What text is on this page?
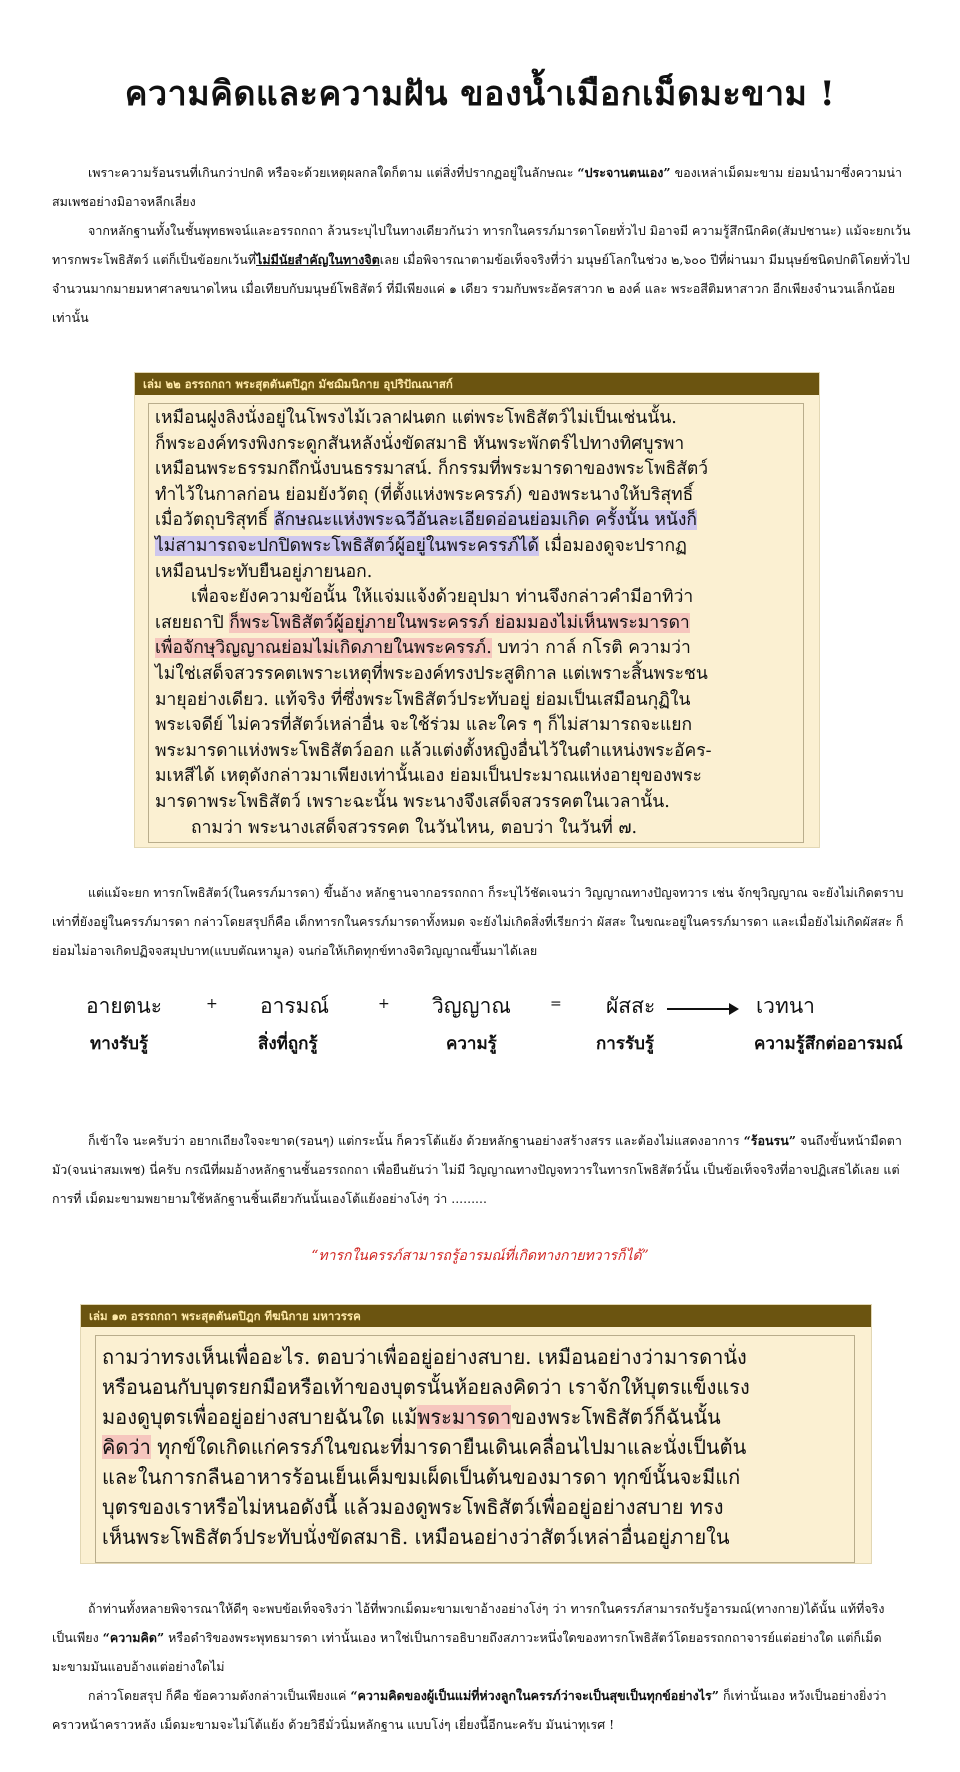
ความคิดและความฝัน ของน้ำเมือกเม็ดมะขาม !

เพราะความร้อนรนที่เกินกว่าปกติ หรือจะด้วยเหตุผลกลใดก็ตาม แต่สิ่งที่ปรากฏอยู่ในลักษณะ “ประจานตนเอง” ของเหล่าเม็ดมะขาม ย่อมนำมาซึ่งความน่าสมเพชอย่างมิอาจหลีกเลี่ยง

จากหลักฐานทั้งในชั้นพุทธพจน์และอรรถกถา ล้วนระบุไปในทางเดียวกันว่า ทารกในครรภ์มารดาโดยทั่วไป มิอาจมี ความรู้สึกนึกคิด(สัมปชานะ) แม้จะยกเว้น ทารกพระโพธิสัตว์ แต่ก็เป็นข้อยกเว้นที่ไม่มีนัยสำคัญในทางจิตเลย เมื่อพิจารณาตามข้อเท็จจริงที่ว่า มนุษย์โลกในช่วง ๒,๖๐๐ ปีที่ผ่านมา มีมนุษย์ชนิดปกติโดยทั่วไปจำนวนมากมายมหาศาลขนาดไหน เมื่อเทียบกับมนุษย์โพธิสัตว์ ที่มีเพียงแค่ ๑ เดียว รวมกับพระอัครสาวก ๒ องค์ และ พระอสีติมหาสาวก อีกเพียงจำนวนเล็กน้อยเท่านั้น

เล่ม ๒๒ อรรถกถา พระสุตตันตปิฎก มัชฌิมนิกาย อุปริปัณณาสก์

เหมือนฝูงลิงนั่งอยู่ในโพรงไม้เวลาฝนตก แต่พระโพธิสัตว์ไม่เป็นเช่นนั้น.

ก็พระองค์ทรงพิงกระดูกสันหลังนั่งขัดสมาธิ หันพระพักตร์ไปทางทิศบูรพา

เหมือนพระธรรมกถึกนั่งบนธรรมาสน์. ก็กรรมที่พระมารดาของพระโพธิสัตว์

ทำไว้ในกาลก่อน ย่อมยังวัตถุ (ที่ตั้งแห่งพระครรภ์) ของพระนางให้บริสุทธิ์

เมื่อวัตถุบริสุทธิ์ ลักษณะแห่งพระฉวีอันละเอียดอ่อนย่อมเกิด ครั้งนั้น หนังก็

ไม่สามารถจะปกปิดพระโพธิสัตว์ผู้อยู่ในพระครรภ์ได้ เมื่อมองดูจะปรากฏ

เหมือนประทับยืนอยู่ภายนอก.

เพื่อจะยังความข้อนั้น ให้แจ่มแจ้งด้วยอุปมา ท่านจึงกล่าวคำมีอาทิว่า

เสยยถาปิ ก็พระโพธิสัตว์ผู้อยู่ภายในพระครรภ์ ย่อมมองไม่เห็นพระมารดา

เพื่อจักษุวิญญาณย่อมไม่เกิดภายในพระครรภ์. บทว่า กาล์ กโรติ ความว่า

ไม่ใช่เสด็จสวรรคตเพราะเหตุที่พระองค์ทรงประสูติกาล แต่เพราะสิ้นพระชน

มายุอย่างเดียว. แท้จริง ที่ซึ่งพระโพธิสัตว์ประทับอยู่ ย่อมเป็นเสมือนกุฏิใน

พระเจดีย์ ไม่ควรที่สัตว์เหล่าอื่น จะใช้ร่วม และใคร ๆ ก็ไม่สามารถจะแยก

พระมารดาแห่งพระโพธิสัตว์ออก แล้วแต่งตั้งหญิงอื่นไว้ในตำแหน่งพระอัคร-

มเหสีได้ เหตุดังกล่าวมาเพียงเท่านั้นเอง ย่อมเป็นประมาณแห่งอายุของพระ

มารดาพระโพธิสัตว์ เพราะฉะนั้น พระนางจึงเสด็จสวรรคตในเวลานั้น.

ถามว่า พระนางเสด็จสวรรคต ในวันไหน, ตอบว่า ในวันที่ ๗.

แต่แม้จะยก ทารกโพธิสัตว์(ในครรภ์มารดา) ขึ้นอ้าง หลักฐานจากอรรถกถา ก็ระบุไว้ชัดเจนว่า วิญญาณทางปัญจทวาร เช่น จักขุวิญญาณ จะยังไม่เกิดตราบเท่าที่ยังอยู่ในครรภ์มารดา กล่าวโดยสรุปก็คือ เด็กทารกในครรภ์มารดาทั้งหมด จะยังไม่เกิดสิ่งที่เรียกว่า ผัสสะ ในขณะอยู่ในครรภ์มารดา และเมื่อยังไม่เกิดผัสสะ ก็ย่อมไม่อาจเกิดปฏิจจสมุปบาท(แบบตัณหามูล) จนก่อให้เกิดทุกข์ทางจิตวิญญาณขึ้นมาได้เลย

อายตนะ
ทางรับรู้
+ อารมณ์
สิ่งที่ถูกรู้
+ วิญญาณ
ความรู้
= ผัสสะ
การรับรู้
เวทนา
ความรู้สึกต่ออารมณ์

ก็เข้าใจ นะครับว่า อยากเถียงใจจะขาด(รอนๆ) แต่กระนั้น ก็ควรโต้แย้ง ด้วยหลักฐานอย่างสร้างสรร และต้องไม่แสดงอาการ “ร้อนรน” จนถึงขั้นหน้ามืดตามัว(จนน่าสมเพช) นี่ครับ กรณีที่ผมอ้างหลักฐานชั้นอรรถกถา เพื่อยืนยันว่า ไม่มี วิญญาณทางปัญจทวารในทารกโพธิสัตว์นั้น เป็นข้อเท็จจริงที่อาจปฏิเสธได้เลย แต่การที่ เม็ดมะขามพยายามใช้หลักฐานชิ้นเดียวกันนั้นเองโต้แย้งอย่างโง่ๆ ว่า .........

“ทารกในครรภ์สามารถรู้อารมณ์ที่เกิดทางกายทวารก็ได้”
เล่ม ๑๓ อรรถกถา พระสุตตันตปิฎก ทีฆนิกาย มหาวรรค

ถามว่าทรงเห็นเพื่ออะไร. ตอบว่าเพื่ออยู่อย่างสบาย. เหมือนอย่างว่ามารดานั่ง

หรือนอนกับบุตรยกมือหรือเท้าของบุตรนั้นห้อยลงคิดว่า เราจักให้บุตรแข็งแรง

มองดูบุตรเพื่ออยู่อย่างสบายฉันใด แม้พระมารดาของพระโพธิสัตว์ก็ฉันนั้น

คิดว่า ทุกข์ใดเกิดแก่ครรภ์ในขณะที่มารดายืนเดินเคลื่อนไปมาและนั่งเป็นต้น

และในการกลืนอาหารร้อนเย็นเค็มขมเผ็ดเป็นต้นของมารดา ทุกข์นั้นจะมีแก่

บุตรของเราหรือไม่หนอดังนี้ แล้วมองดูพระโพธิสัตว์เพื่ออยู่อย่างสบาย ทรง

เห็นพระโพธิสัตว์ประทับนั่งขัดสมาธิ. เหมือนอย่างว่าสัตว์เหล่าอื่นอยู่ภายใน

ถ้าท่านทั้งหลายพิจารณาให้ดีๆ จะพบข้อเท็จจริงว่า ไอ้ที่พวกเม็ดมะขามเขาอ้างอย่างโง่ๆ ว่า ทารกในครรภ์สามารถรับรู้อารมณ์(ทางกาย)ได้นั้น แท้ที่จริงเป็นเพียง “ความคิด” หรือดำริของพระพุทธมารดา เท่านั้นเอง หาใช่เป็นการอธิบายถึงสภาวะหนึ่งใดของทารกโพธิสัตว์โดยอรรถกถาจารย์แต่อย่างใด แต่ก็เม็ดมะขามมันแอบอ้างแต่อย่างใดไม่

กล่าวโดยสรุป ก็คือ ข้อความดังกล่าวเป็นเพียงแค่ “ความคิดของผู้เป็นแม่ที่ห่วงลูกในครรภ์ว่าจะเป็นสุขเป็นทุกข์อย่างไร” ก็เท่านั้นเอง หวังเป็นอย่างยิ่งว่า คราวหน้าคราวหลัง เม็ดมะขามจะไม่โต้แย้ง ด้วยวิธีมั่วนิ่มหลักฐาน แบบโง่ๆ เยี่ยงนี้อีกนะครับ มันน่าทุเรศ !
